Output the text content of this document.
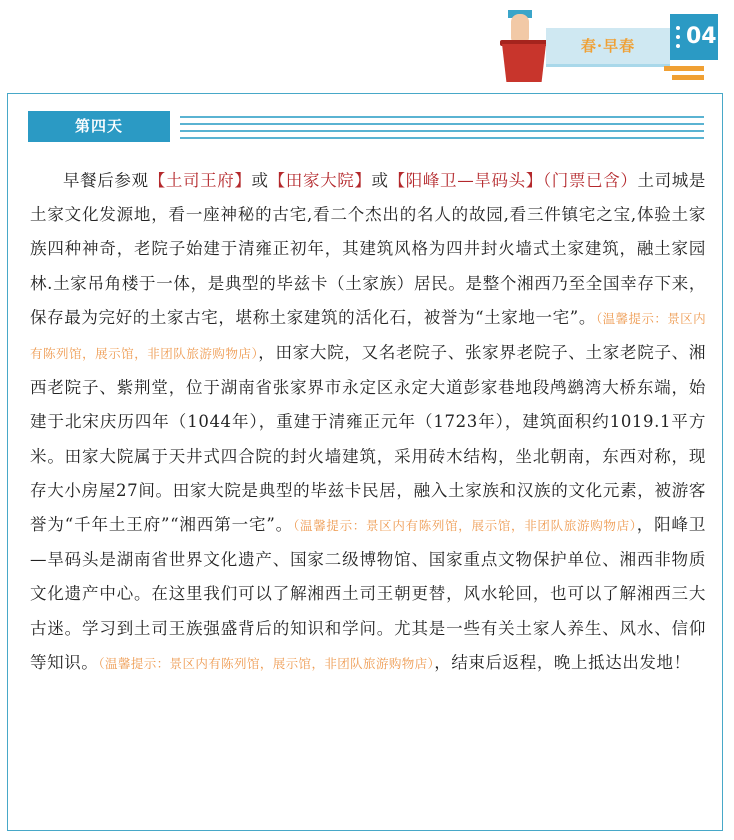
春·早春	04
第四天
早餐后参观【土司王府】或【田家大院】或【阳峰卫—旱码头】（门票已含）土司城是土家文化发源地，看一座神秘的古宅,看二个杰出的名人的故园,看三件镇宅之宝,体验土家族四种神奇，老院子始建于清雍正初年，其建筑风格为四井封火墙式土家建筑，融土家园林.土家吊角楼于一体，是典型的毕兹卡（土家族）居民。是整个湘西乃至全国幸存下来，保存最为完好的土家古宅，堪称土家建筑的活化石，被誉为“土家地一宅”。（温馨提示：景区内有陈列馆，展示馆，非团队旅游购物店），田家大院，又名老院子、张家界老院子、土家老院子、湘西老院子、紫荆堂，位于湖南省张家界市永定区永定大道彭家巷地段鸬鹚湾大桥东端，始建于北宋庆历四年（1044年），重建于清雍正元年（1723年），建筑面积约1019.1平方米。田家大院属于天井式四合院的封火墙建筑，采用砖木结构，坐北朝南，东西对称，现存大小房屋27间。田家大院是典型的毕兹卡民居，融入土家族和汉族的文化元素，被游客誉为“千年土王府”“湘西第一宅”。（温馨提示：景区内有陈列馆，展示馆，非团队旅游购物店），阳峰卫—旱码头是湖南省世界文化遗产、国家二级博物馆、国家重点文物保护单位、湘西非物质文化遗产中心。在这里我们可以了解湘西土司王朝更替，风水轮回，也可以了解湘西三大古迷。学习到土司王族强盛背后的知识和学问。尤其是一些有关土家人养生、风水、信仰等知识。（温馨提示：景区内有陈列馆，展示馆，非团队旅游购物店），结束后返程，晚上抵达出发地！
